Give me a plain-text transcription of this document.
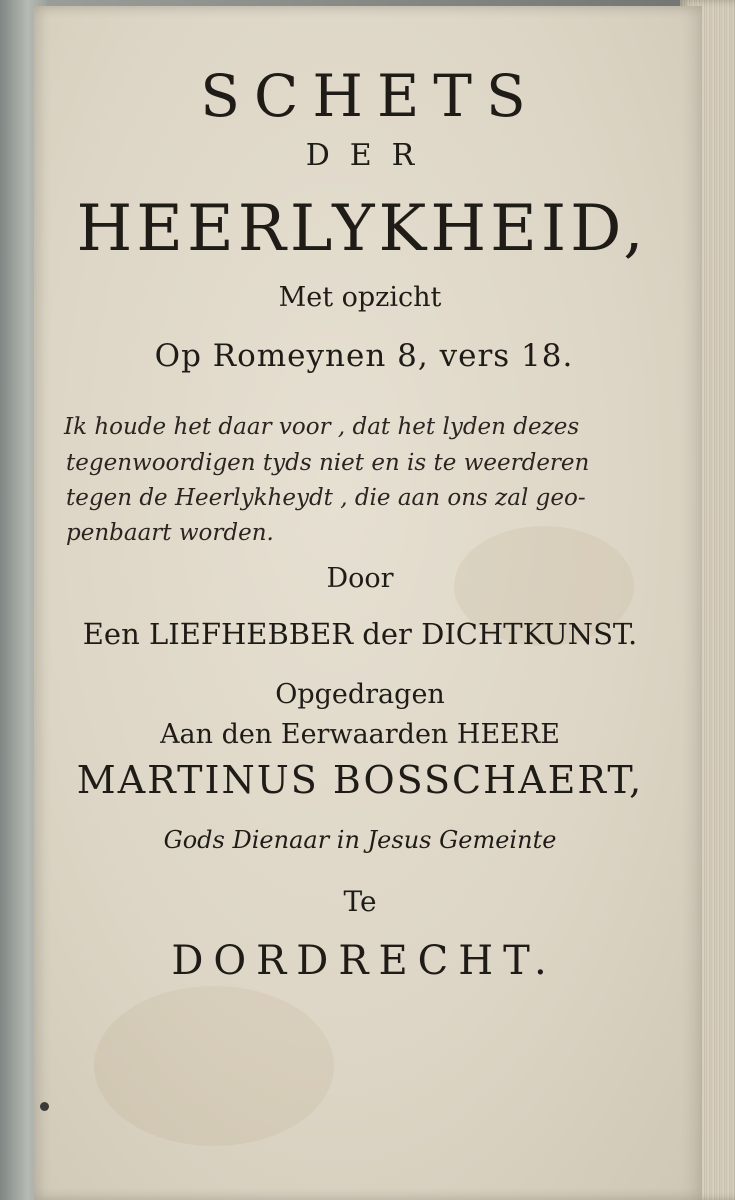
SCHETS
DER
HEERLYKHEID,
Met opzicht
Op Romeynen 8, vers 18.
Ik houde het daar voor , dat het lyden dezes
tegenwoordigen tyds niet en is te weerderen
tegen de Heerlykheydt , die aan ons zal geo-
penbaart worden.
Door
Een LIEFHEBBER der DICHTKUNST.
Opgedragen
Aan den Eerwaarden HEERE
MARTINUS BOSSCHAERT,
Gods Dienaar in Jesus Gemeinte
Te
DORDRECHT.
